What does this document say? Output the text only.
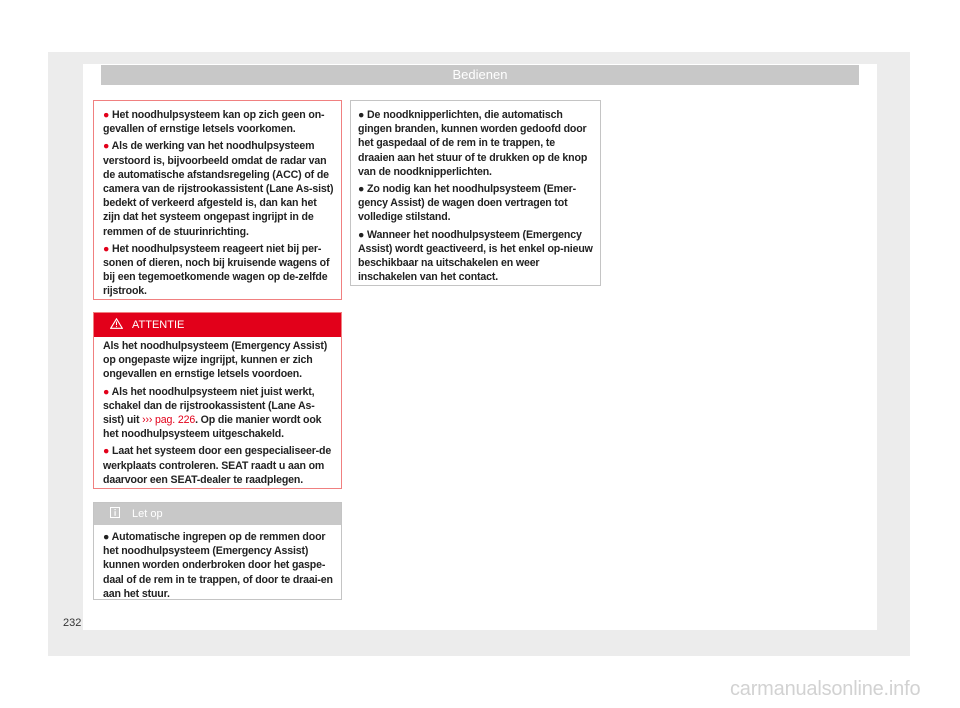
Bedienen

● Het noodhulpsysteem kan op zich geen on-gevallen of ernstige letsels voorkomen.

● Als de werking van het noodhulpsysteem verstoord is, bijvoorbeeld omdat de radar van de automatische afstandsregeling (ACC) of de camera van de rijstrookassistent (Lane As-sist) bedekt of verkeerd afgesteld is, dan kan het zijn dat het systeem ongepast ingrijpt in de remmen of de stuurinrichting.

● Het noodhulpsysteem reageert niet bij per-sonen of dieren, noch bij kruisende wagens of bij een tegemoetkomende wagen op de-zelfde rijstrook.

ATTENTIE

Als het noodhulpsysteem (Emergency Assist) op ongepaste wijze ingrijpt, kunnen er zich ongevallen en ernstige letsels voordoen.

● Als het noodhulpsysteem niet juist werkt, schakel dan de rijstrookassistent (Lane As-sist) uit ››› pag. 226. Op die manier wordt ook het noodhulpsysteem uitgeschakeld.

● Laat het systeem door een gespecialiseer-de werkplaats controleren. SEAT raadt u aan om daarvoor een SEAT-dealer te raadplegen.

Let op

● Automatische ingrepen op de remmen door het noodhulpsysteem (Emergency Assist) kunnen worden onderbroken door het gaspe-daal of de rem in te trappen, of door te draai-en aan het stuur.

● De noodknipperlichten, die automatisch gingen branden, kunnen worden gedoofd door het gaspedaal of de rem in te trappen, te draaien aan het stuur of te drukken op de knop van de noodknipperlichten.

● Zo nodig kan het noodhulpsysteem (Emer-gency Assist) de wagen doen vertragen tot volledige stilstand.

● Wanneer het noodhulpsysteem (Emergency Assist) wordt geactiveerd, is het enkel op-nieuw beschikbaar na uitschakelen en weer inschakelen van het contact.

232
carmanualsonline.info
